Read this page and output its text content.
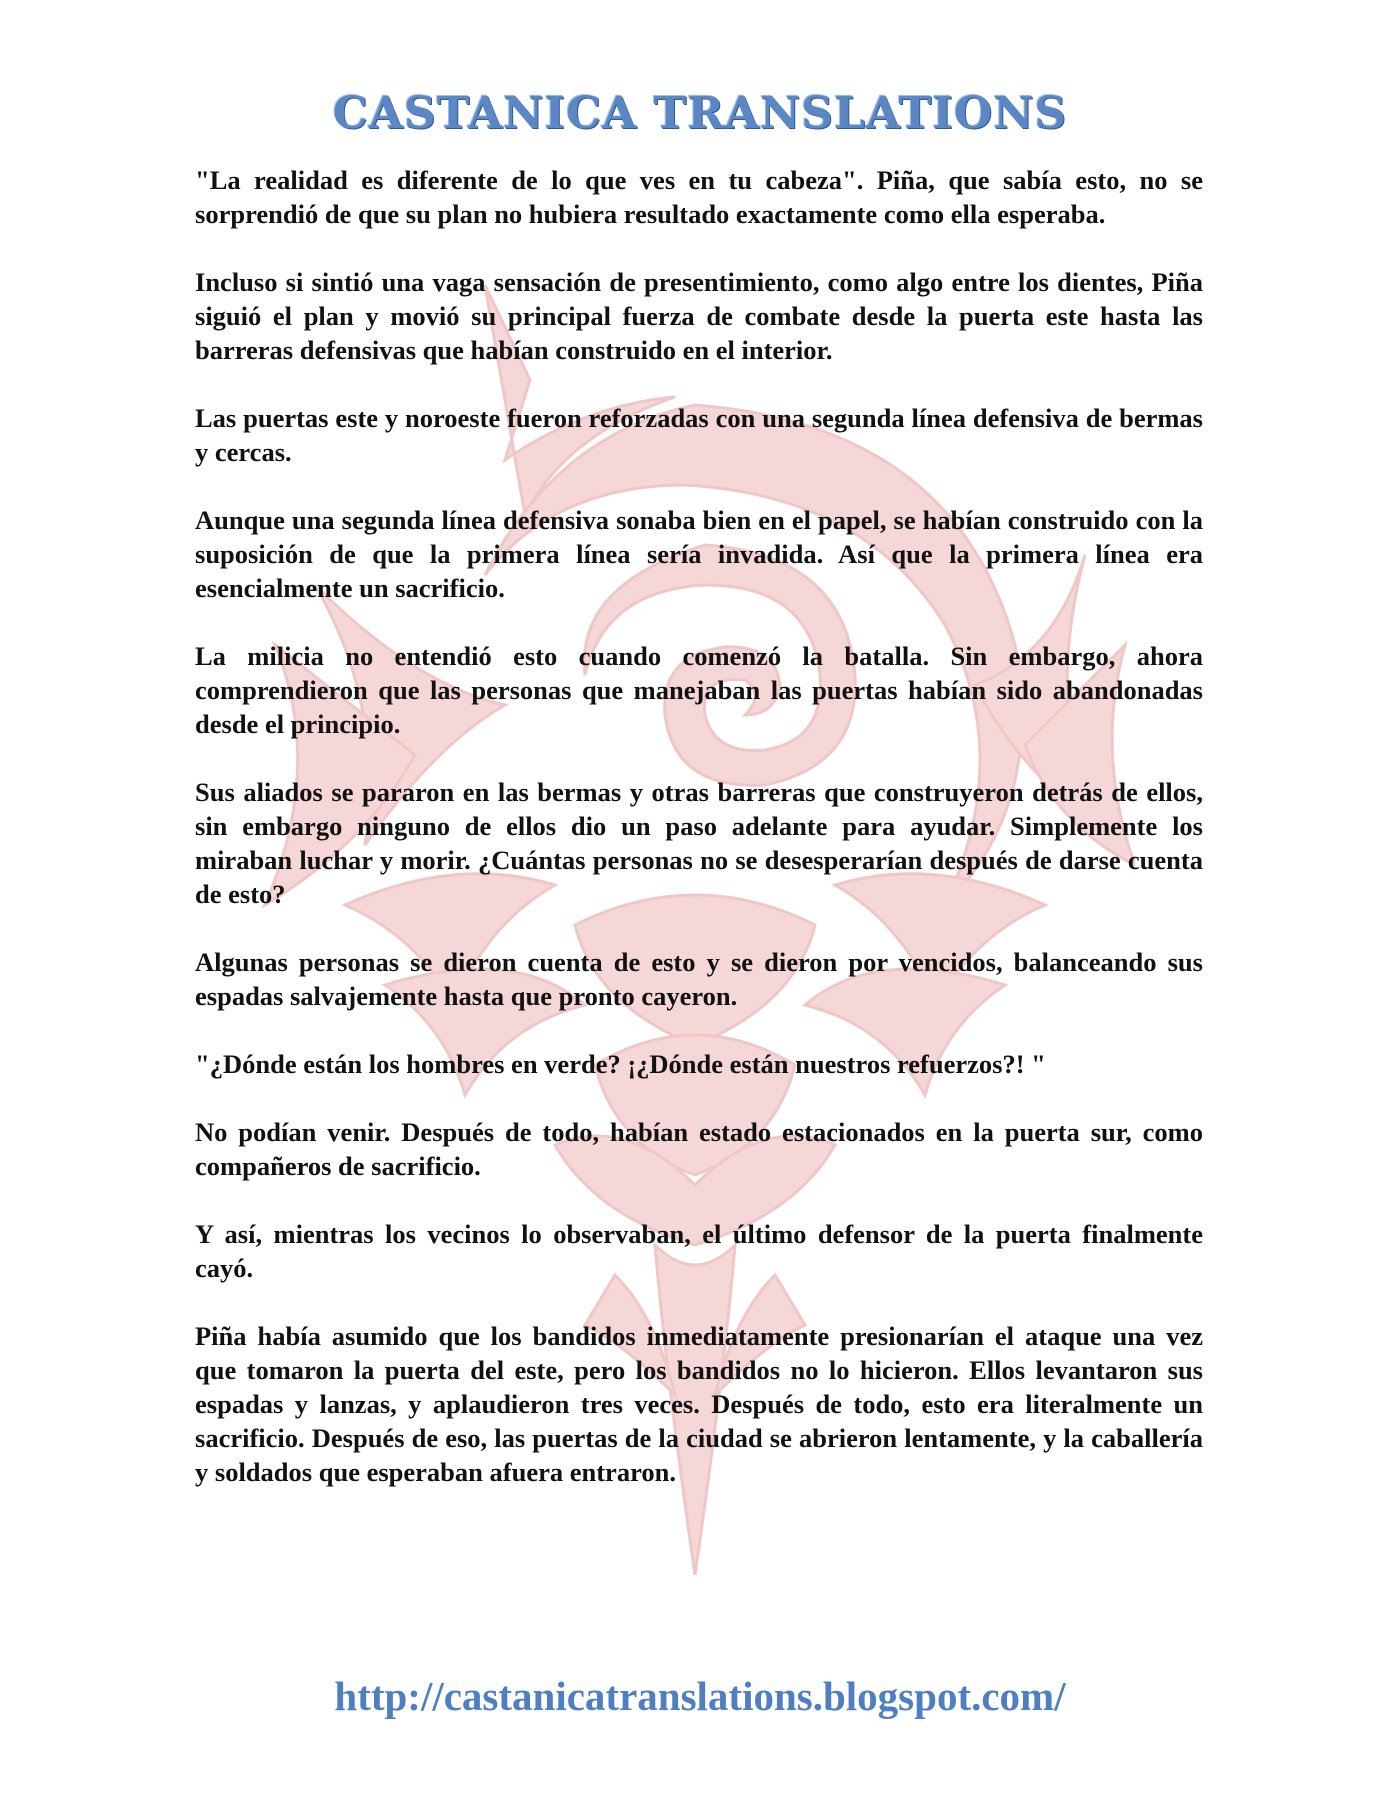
CASTANICA TRANSLATIONS

"La realidad es diferente de lo que ves en tu cabeza". Piña, que sabía esto, no se sorprendió de que su plan no hubiera resultado exactamente como ella esperaba.

Incluso si sintió una vaga sensación de presentimiento, como algo entre los dientes, Piña siguió el plan y movió su principal fuerza de combate desde la puerta este hasta las barreras defensivas que habían construido en el interior.

Las puertas este y noroeste fueron reforzadas con una segunda línea defensiva de bermas y cercas.

Aunque una segunda línea defensiva sonaba bien en el papel, se habían construido con la suposición de que la primera línea sería invadida. Así que la primera línea era esencialmente un sacrificio.

La milicia no entendió esto cuando comenzó la batalla. Sin embargo, ahora comprendieron que las personas que manejaban las puertas habían sido abandonadas desde el principio.

Sus aliados se pararon en las bermas y otras barreras que construyeron detrás de ellos, sin embargo ninguno de ellos dio un paso adelante para ayudar. Simplemente los miraban luchar y morir. ¿Cuántas personas no se desesperarían después de darse cuenta de esto?

Algunas personas se dieron cuenta de esto y se dieron por vencidos, balanceando sus espadas salvajemente hasta que pronto cayeron.

"¿Dónde están los hombres en verde? ¡¿Dónde están nuestros refuerzos?! "

No podían venir. Después de todo, habían estado estacionados en la puerta sur, como compañeros de sacrificio.

Y así, mientras los vecinos lo observaban, el último defensor de la puerta finalmente cayó.

Piña había asumido que los bandidos inmediatamente presionarían el ataque una vez que tomaron la puerta del este, pero los bandidos no lo hicieron. Ellos levantaron sus espadas y lanzas, y aplaudieron tres veces. Después de todo, esto era literalmente un sacrificio. Después de eso, las puertas de la ciudad se abrieron lentamente, y la caballería y soldados que esperaban afuera entraron.

http://castanicatranslations.blogspot.com/
